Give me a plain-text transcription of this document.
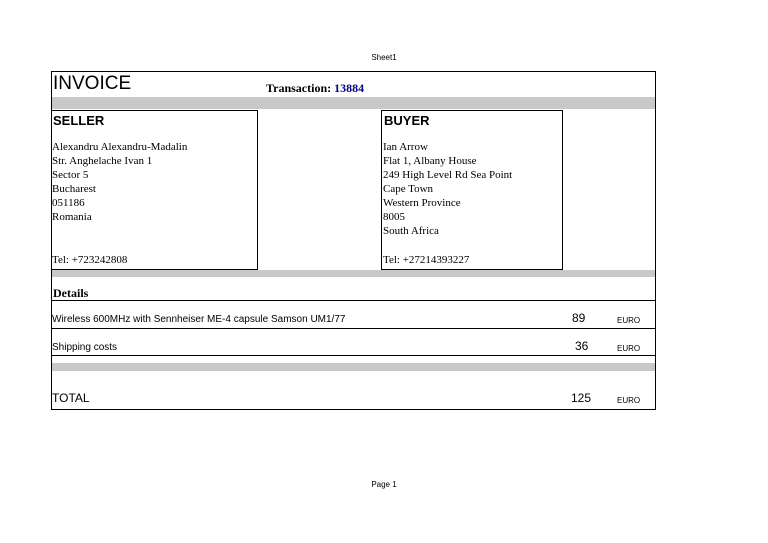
Sheet1
INVOICE	Transaction: 13884
SELLER
Alexandru Alexandru-Madalin
Str. Anghelache Ivan 1
Sector 5
Bucharest
051186
Romania
Tel: +723242808
BUYER
Ian Arrow
Flat 1, Albany House
249 High Level Rd Sea Point
Cape Town
Western Province
8005
South Africa
Tel: +27214393227
Details
Wireless 600MHz with Sennheiser ME-4 capsule Samson UM1/77	89	EURO
Shipping costs	36	EURO
TOTAL	125	EURO
Page 1
